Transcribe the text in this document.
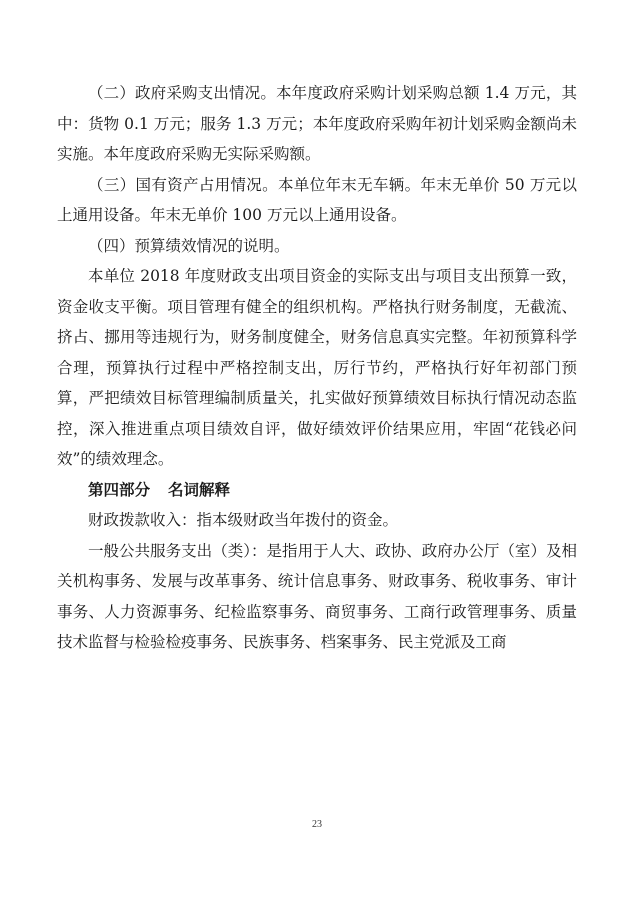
（二）政府采购支出情况。本年度政府采购计划采购总额 1.4 万元，其中：货物 0.1 万元；服务 1.3 万元；本年度政府采购年初计划采购金额尚未实施。本年度政府采购无实际采购额。

（三）国有资产占用情况。本单位年末无车辆。年末无单价 50 万元以上通用设备。年末无单价 100 万元以上通用设备。

（四）预算绩效情况的说明。

本单位 2018 年度财政支出项目资金的实际支出与项目支出预算一致，资金收支平衡。项目管理有健全的组织机构。严格执行财务制度，无截流、挤占、挪用等违规行为，财务制度健全，财务信息真实完整。年初预算科学合理，预算执行过程中严格控制支出，厉行节约，严格执行好年初部门预算，严把绩效目标管理编制质量关，扎实做好预算绩效目标执行情况动态监控，深入推进重点项目绩效自评，做好绩效评价结果应用，牢固“花钱必问效”的绩效理念。

第四部分 名词解释

财政拨款收入：指本级财政当年拨付的资金。

一般公共服务支出（类）：是指用于人大、政协、政府办公厅（室）及相关机构事务、发展与改革事务、统计信息事务、财政事务、税收事务、审计事务、人力资源事务、纪检监察事务、商贸事务、工商行政管理事务、质量技术监督与检验检疫事务、民族事务、档案事务、民主党派及工商

23
